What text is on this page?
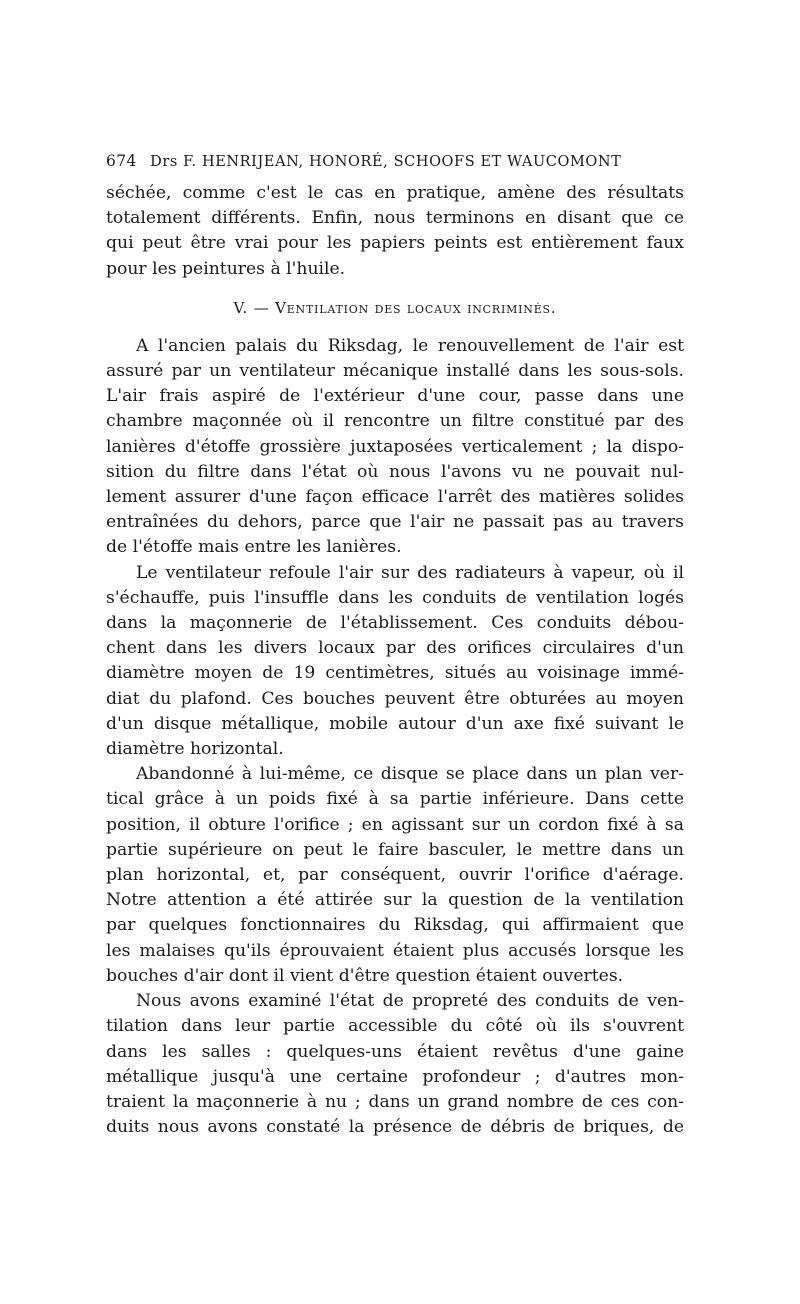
674 Drs F. HENRIJEAN, HONORÉ, SCHOOFS ET WAUCOMONT

séchée, comme c'est le cas en pratique, amène des résultats

totalement différents. Enfin, nous terminons en disant que ce

qui peut être vrai pour les papiers peints est entièrement faux

pour les peintures à l'huile.

V. — Ventilation des locaux incriminés.

A l'ancien palais du Riksdag, le renouvellement de l'air est

assuré par un ventilateur mécanique installé dans les sous-sols.

L'air frais aspiré de l'extérieur d'une cour, passe dans une

chambre maçonnée où il rencontre un filtre constitué par des

lanières d'étoffe grossière juxtaposées verticalement ; la dispo-

sition du filtre dans l'état où nous l'avons vu ne pouvait nul-

lement assurer d'une façon efficace l'arrêt des matières solides

entraînées du dehors, parce que l'air ne passait pas au travers

de l'étoffe mais entre les lanières.

Le ventilateur refoule l'air sur des radiateurs à vapeur, où il

s'échauffe, puis l'insuffle dans les conduits de ventilation logés

dans la maçonnerie de l'établissement. Ces conduits débou-

chent dans les divers locaux par des orifices circulaires d'un

diamètre moyen de 19 centimètres, situés au voisinage immé-

diat du plafond. Ces bouches peuvent être obturées au moyen

d'un disque métallique, mobile autour d'un axe fixé suivant le

diamètre horizontal.

Abandonné à lui-même, ce disque se place dans un plan ver-

tical grâce à un poids fixé à sa partie inférieure. Dans cette

position, il obture l'orifice ; en agissant sur un cordon fixé à sa

partie supérieure on peut le faire basculer, le mettre dans un

plan horizontal, et, par conséquent, ouvrir l'orifice d'aérage.

Notre attention a été attirée sur la question de la ventilation

par quelques fonctionnaires du Riksdag, qui affirmaient que

les malaises qu'ils éprouvaient étaient plus accusés lorsque les

bouches d'air dont il vient d'être question étaient ouvertes.

Nous avons examiné l'état de propreté des conduits de ven-

tilation dans leur partie accessible du côté où ils s'ouvrent

dans les salles : quelques-uns étaient revêtus d'une gaine

métallique jusqu'à une certaine profondeur ; d'autres mon-

traient la maçonnerie à nu ; dans un grand nombre de ces con-

duits nous avons constaté la présence de débris de briques, de
